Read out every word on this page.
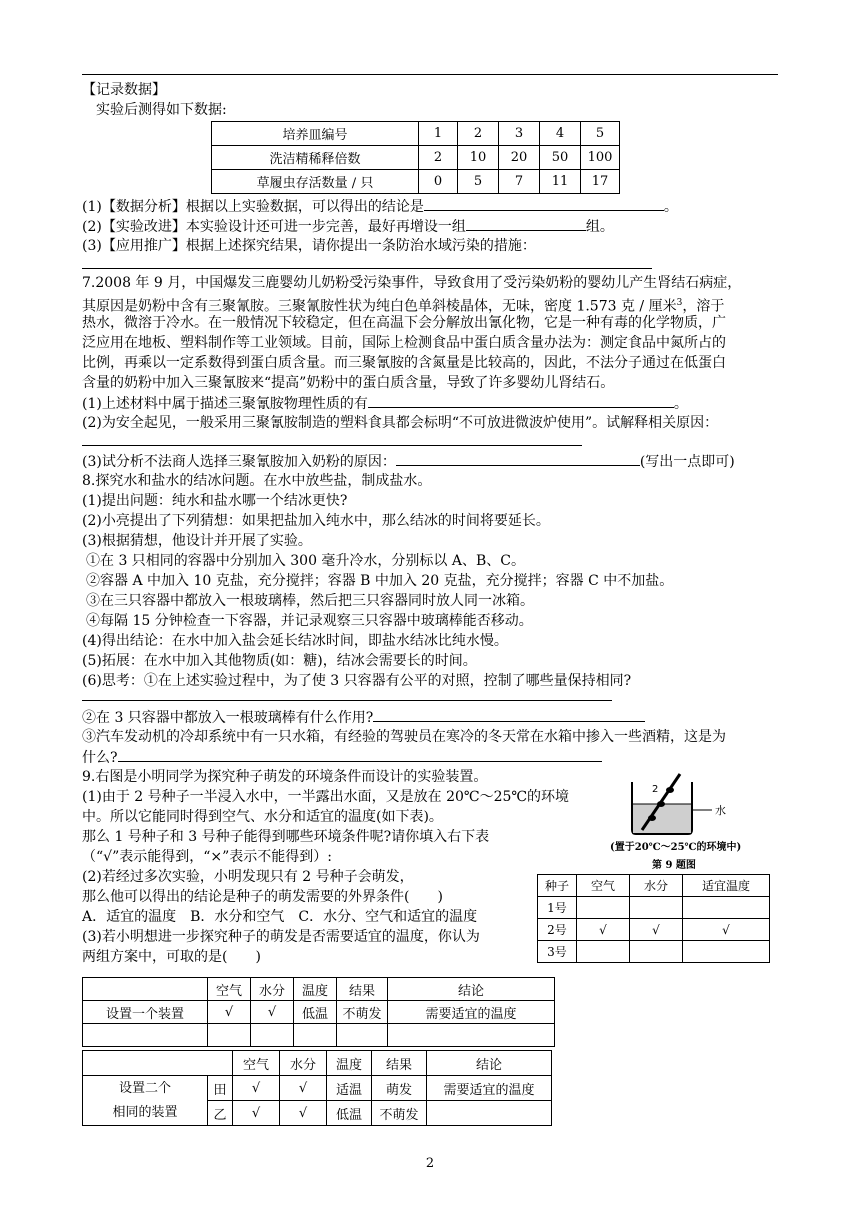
【记录数据】
实验后测得如下数据:
培养皿编号	1	2	3	4	5
洗洁精稀释倍数	2	10	20	50	100
草履虫存活数量 / 只	0	5	7	11	17
(1)【数据分析】根据以上实验数据，可以得出的结论是	。
(2)【实验改进】本实验设计还可进一步完善，最好再增设一组	组。
(3)【应用推广】根据上述探究结果，请你提出一条防治水域污染的措施：
7.2008 年 9 月，中国爆发三鹿婴幼儿奶粉受污染事件，导致食用了受污染奶粉的婴幼儿产生肾结石病症，
其原因是奶粉中含有三聚氰胺。三聚氰胺性状为纯白色单斜棱晶体，无味，密度 1.573 克 / 厘米$^3$，溶于
热水，微溶于冷水。在一般情况下较稳定，但在高温下会分解放出氰化物，它是一种有毒的化学物质，广
泛应用在地板、塑料制作等工业领域。目前，国际上检测食品中蛋白质含量办法为：测定食品中氮所占的
比例，再乘以一定系数得到蛋白质含量。而三聚氰胺的含氮量是比较高的，因此，不法分子通过在低蛋白
含量的奶粉中加入三聚氰胺来“提高”奶粉中的蛋白质含量，导致了许多婴幼儿肾结石。
(1)上述材料中属于描述三聚氰胺物理性质的有	。
(2)为安全起见，一般采用三聚氰胺制造的塑料食具都会标明“不可放进微波炉使用”。试解释相关原因：
(3)试分析不法商人选择三聚氰胺加入奶粉的原因：	(写出一点即可)
8.探究水和盐水的结冰问题。在水中放些盐，制成盐水。
(1)提出问题：纯水和盐水哪一个结冰更快?
(2)小亮提出了下列猜想：如果把盐加入纯水中，那么结冰的时间将要延长。
(3)根据猜想，他设计并开展了实验。
①在 3 只相同的容器中分别加入 300 毫升冷水，分别标以 A、B、C。
②容器 A 中加入 10 克盐，充分搅拌；容器 B 中加入 20 克盐，充分搅拌；容器 C 中不加盐。
③在三只容器中都放入一根玻璃棒，然后把三只容器同时放人同一冰箱。
④每隔 15 分钟检查一下容器，并记录观察三只容器中玻璃棒能否移动。
(4)得出结论：在水中加入盐会延长结冰时间，即盐水结冰比纯水慢。
(5)拓展：在水中加入其他物质(如：糖)，结冰会需要长的时间。
(6)思考：①在上述实验过程中，为了使 3 只容器有公平的对照，控制了哪些量保持相同?
②在 3 只容器中都放入一根玻璃棒有什么作用?
③汽车发动机的冷却系统中有一只水箱，有经验的驾驶员在寒冷的冬天常在水箱中掺入一些酒精，这是为
什么?
9.右图是小明同学为探究种子萌发的环境条件而设计的实验装置。
(1)由于 2 号种子一半浸入水中，一半露出水面，又是放在 20℃～25℃的环境
中。所以它能同时得到空气、水分和适宜的温度(如下表)。
那么 1 号种子和 3 号种子能得到哪些环境条件呢?请你填入右下表
（“√”表示能得到，“×”表示不能得到）:
(2)若经过多次实验，小明发现只有 2 号种子会萌发，
那么他可以得出的结论是种子的萌发需要的外界条件(　　)
A．适宜的温度　B．水分和空气　C．水分、空气和适宜的温度
(3)若小明想进一步探究种子的萌发是否需要适宜的温度，你认为
两组方案中，可取的是(　　)
2
水
(置于20℃～25℃的环境中)
第 9 题图
种子	空气	水分	适宜温度
1号			
2号	√	√	√
3号			
	空气	水分	温度	结果	结论
设置一个装置	√	√	低温	不萌发	需要适宜的温度

		空气	水分	温度	结果	结论
设置二个
相同的装置	田	√	√	适温	萌发	需要适宜的温度
	乙	√	√	低温	不萌发	
2
